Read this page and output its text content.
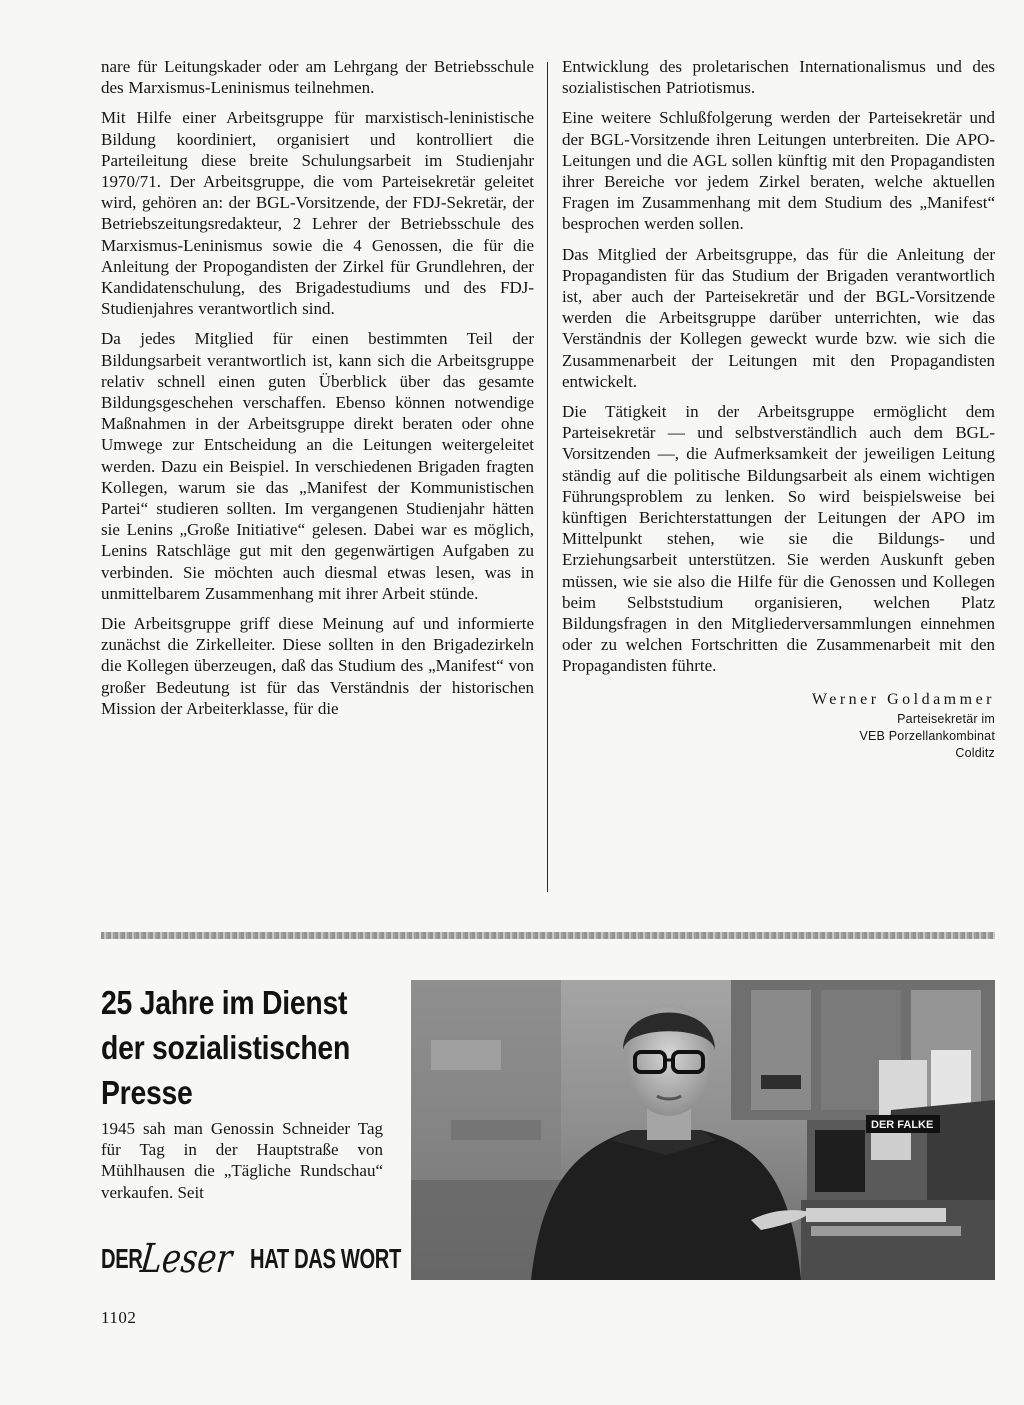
nare für Leitungskader oder am Lehrgang der Betriebsschule des Marxismus-Leninismus teilnehmen.

Mit Hilfe einer Arbeitsgruppe für marxistisch-leninistische Bildung koordiniert, organisiert und kontrolliert die Parteileitung diese breite Schulungsarbeit im Studienjahr 1970/71. Der Arbeitsgruppe, die vom Parteisekretär geleitet wird, gehören an: der BGL-Vorsitzende, der FDJ-Sekretär, der Betriebszeitungsredakteur, 2 Lehrer der Betriebsschule des Marxismus-Leninismus sowie die 4 Genossen, die für die Anleitung der Propogandisten der Zirkel für Grundlehren, der Kandidatenschulung, des Brigadestudiums und des FDJ-Studienjahres verantwortlich sind.

Da jedes Mitglied für einen bestimmten Teil der Bildungsarbeit verantwortlich ist, kann sich die Arbeitsgruppe relativ schnell einen guten Überblick über das gesamte Bildungsgeschehen verschaffen. Ebenso können notwendige Maßnahmen in der Arbeitsgruppe direkt beraten oder ohne Umwege zur Entscheidung an die Leitungen weitergeleitet werden. Dazu ein Beispiel. In verschiedenen Brigaden fragten Kollegen, warum sie das „Manifest der Kommunistischen Partei“ studieren sollten. Im vergangenen Studienjahr hätten sie Lenins „Große Initiative“ gelesen. Dabei war es möglich, Lenins Ratschläge gut mit den gegenwärtigen Aufgaben zu verbinden. Sie möchten auch diesmal etwas lesen, was in unmittelbarem Zusammenhang mit ihrer Arbeit stünde.

Die Arbeitsgruppe griff diese Meinung auf und informierte zunächst die Zirkelleiter. Diese sollten in den Brigadezirkeln die Kollegen überzeugen, daß das Studium des „Manifest“ von großer Bedeutung ist für das Verständnis der historischen Mission der Arbeiterklasse, für die

Entwicklung des proletarischen Internationalismus und des sozialistischen Patriotismus.

Eine weitere Schlußfolgerung werden der Parteisekretär und der BGL-Vorsitzende ihren Leitungen unterbreiten. Die APO-Leitungen und die AGL sollen künftig mit den Propagandisten ihrer Bereiche vor jedem Zirkel beraten, welche aktuellen Fragen im Zusammenhang mit dem Studium des „Manifest“ besprochen werden sollen.

Das Mitglied der Arbeitsgruppe, das für die Anleitung der Propagandisten für das Studium der Brigaden verantwortlich ist, aber auch der Parteisekretär und der BGL-Vorsitzende werden die Arbeitsgruppe darüber unterrichten, wie das Verständnis der Kollegen geweckt wurde bzw. wie sich die Zusammenarbeit der Leitungen mit den Propagandisten entwickelt.

Die Tätigkeit in der Arbeitsgruppe ermöglicht dem Parteisekretär — und selbstverständlich auch dem BGL-Vorsitzenden —, die Aufmerksamkeit der jeweiligen Leitung ständig auf die politische Bildungsarbeit als einem wichtigen Führungsproblem zu lenken. So wird beispielsweise bei künftigen Berichterstattungen der Leitungen der APO im Mittelpunkt stehen, wie sie die Bildungs- und Erziehungsarbeit unterstützen. Sie werden Auskunft geben müssen, wie sie also die Hilfe für die Genossen und Kollegen beim Selbststudium organisieren, welchen Platz Bildungsfragen in den Mitgliederversammlungen einnehmen oder zu welchen Fortschritten die Zusammenarbeit mit den Propagandisten führte.

Werner Goldammer
Parteisekretär im
VEB Porzellankombinat
Colditz
25 Jahre im Dienst der sozialistischen Presse

1945 sah man Genossin Schneider Tag für Tag in der Hauptstraße von Mühlhausen die „Tägliche Rundschau“ verkaufen. Seit

DER
Leser HAT DAS WORT
1102
DER FALKE
